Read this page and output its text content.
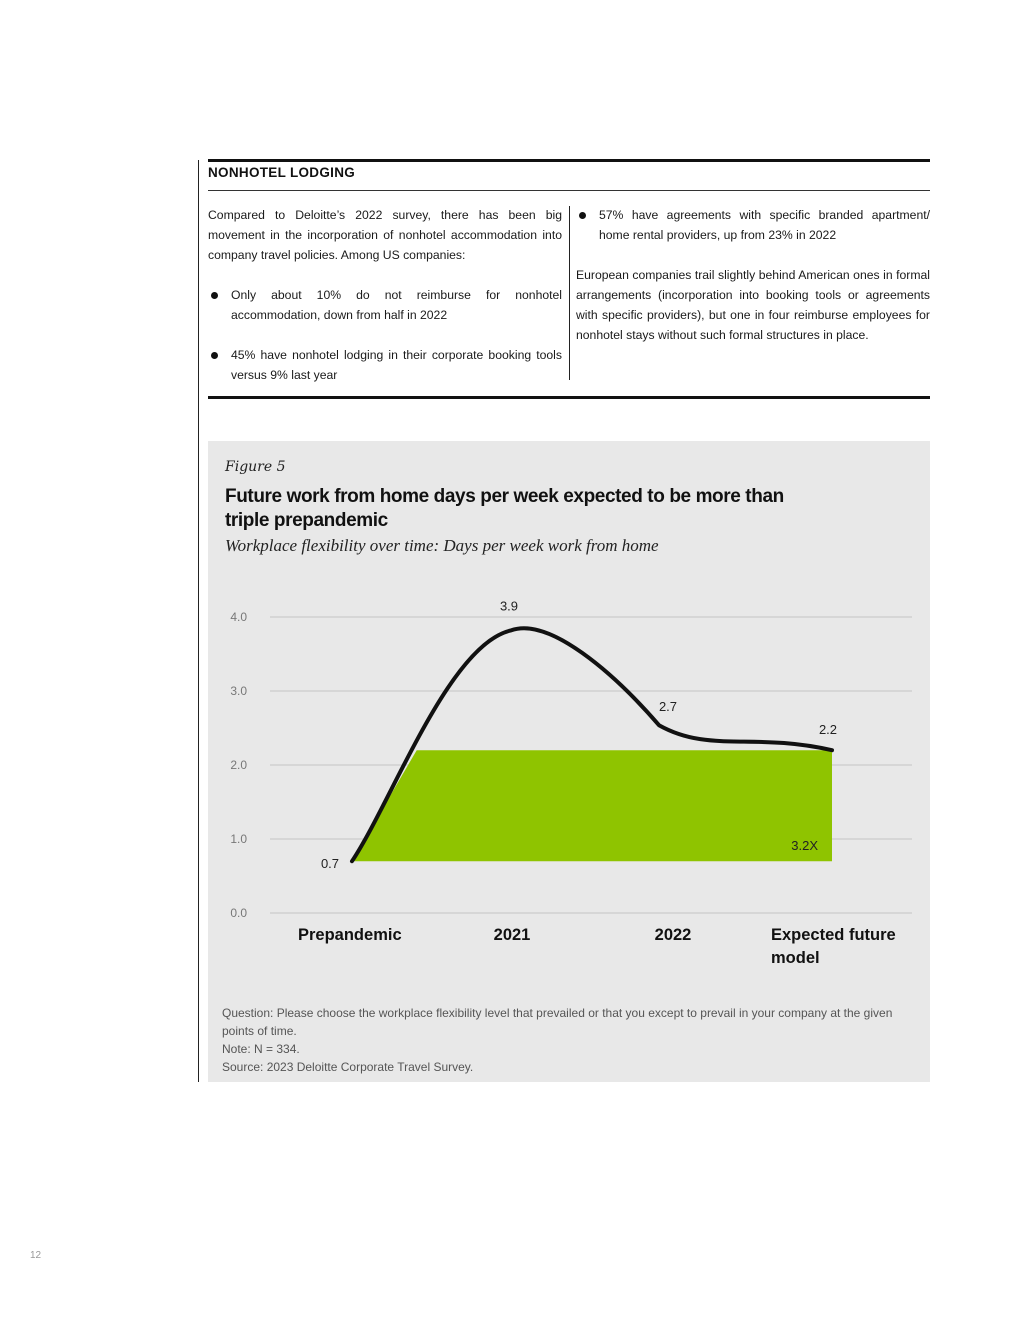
NONHOTEL LODGING

Compared to Deloitte’s 2022 survey, there has been big movement in the incorporation of nonhotel accommodation into company travel policies. Among US companies:

Only about 10% do not reimburse for nonhotel accommodation, down from half in 2022
45% have nonhotel lodging in their corporate booking tools versus 9% last year
57% have agreements with specific branded apartment/ home rental providers, up from 23% in 2022

European companies trail slightly behind American ones in formal arrangements (incorporation into booking tools or agreements with specific providers), but one in four reimburse employees for nonhotel stays without such formal structures in place.

Figure 5
Future work from home days per week expected to be more than triple prepandemic
Workplace flexibility over time: Days per week work from home
0.0
1.0
2.0
3.0
4.0
0.7
3.9
2.7
2.2
3.2X
Prepandemic	2021	2022	Expected future model
Question: Please choose the workplace flexibility level that prevailed or that you except to prevail in your company at the given points of time.
Note: N = 334.
Source: 2023 Deloitte Corporate Travel Survey.
12
